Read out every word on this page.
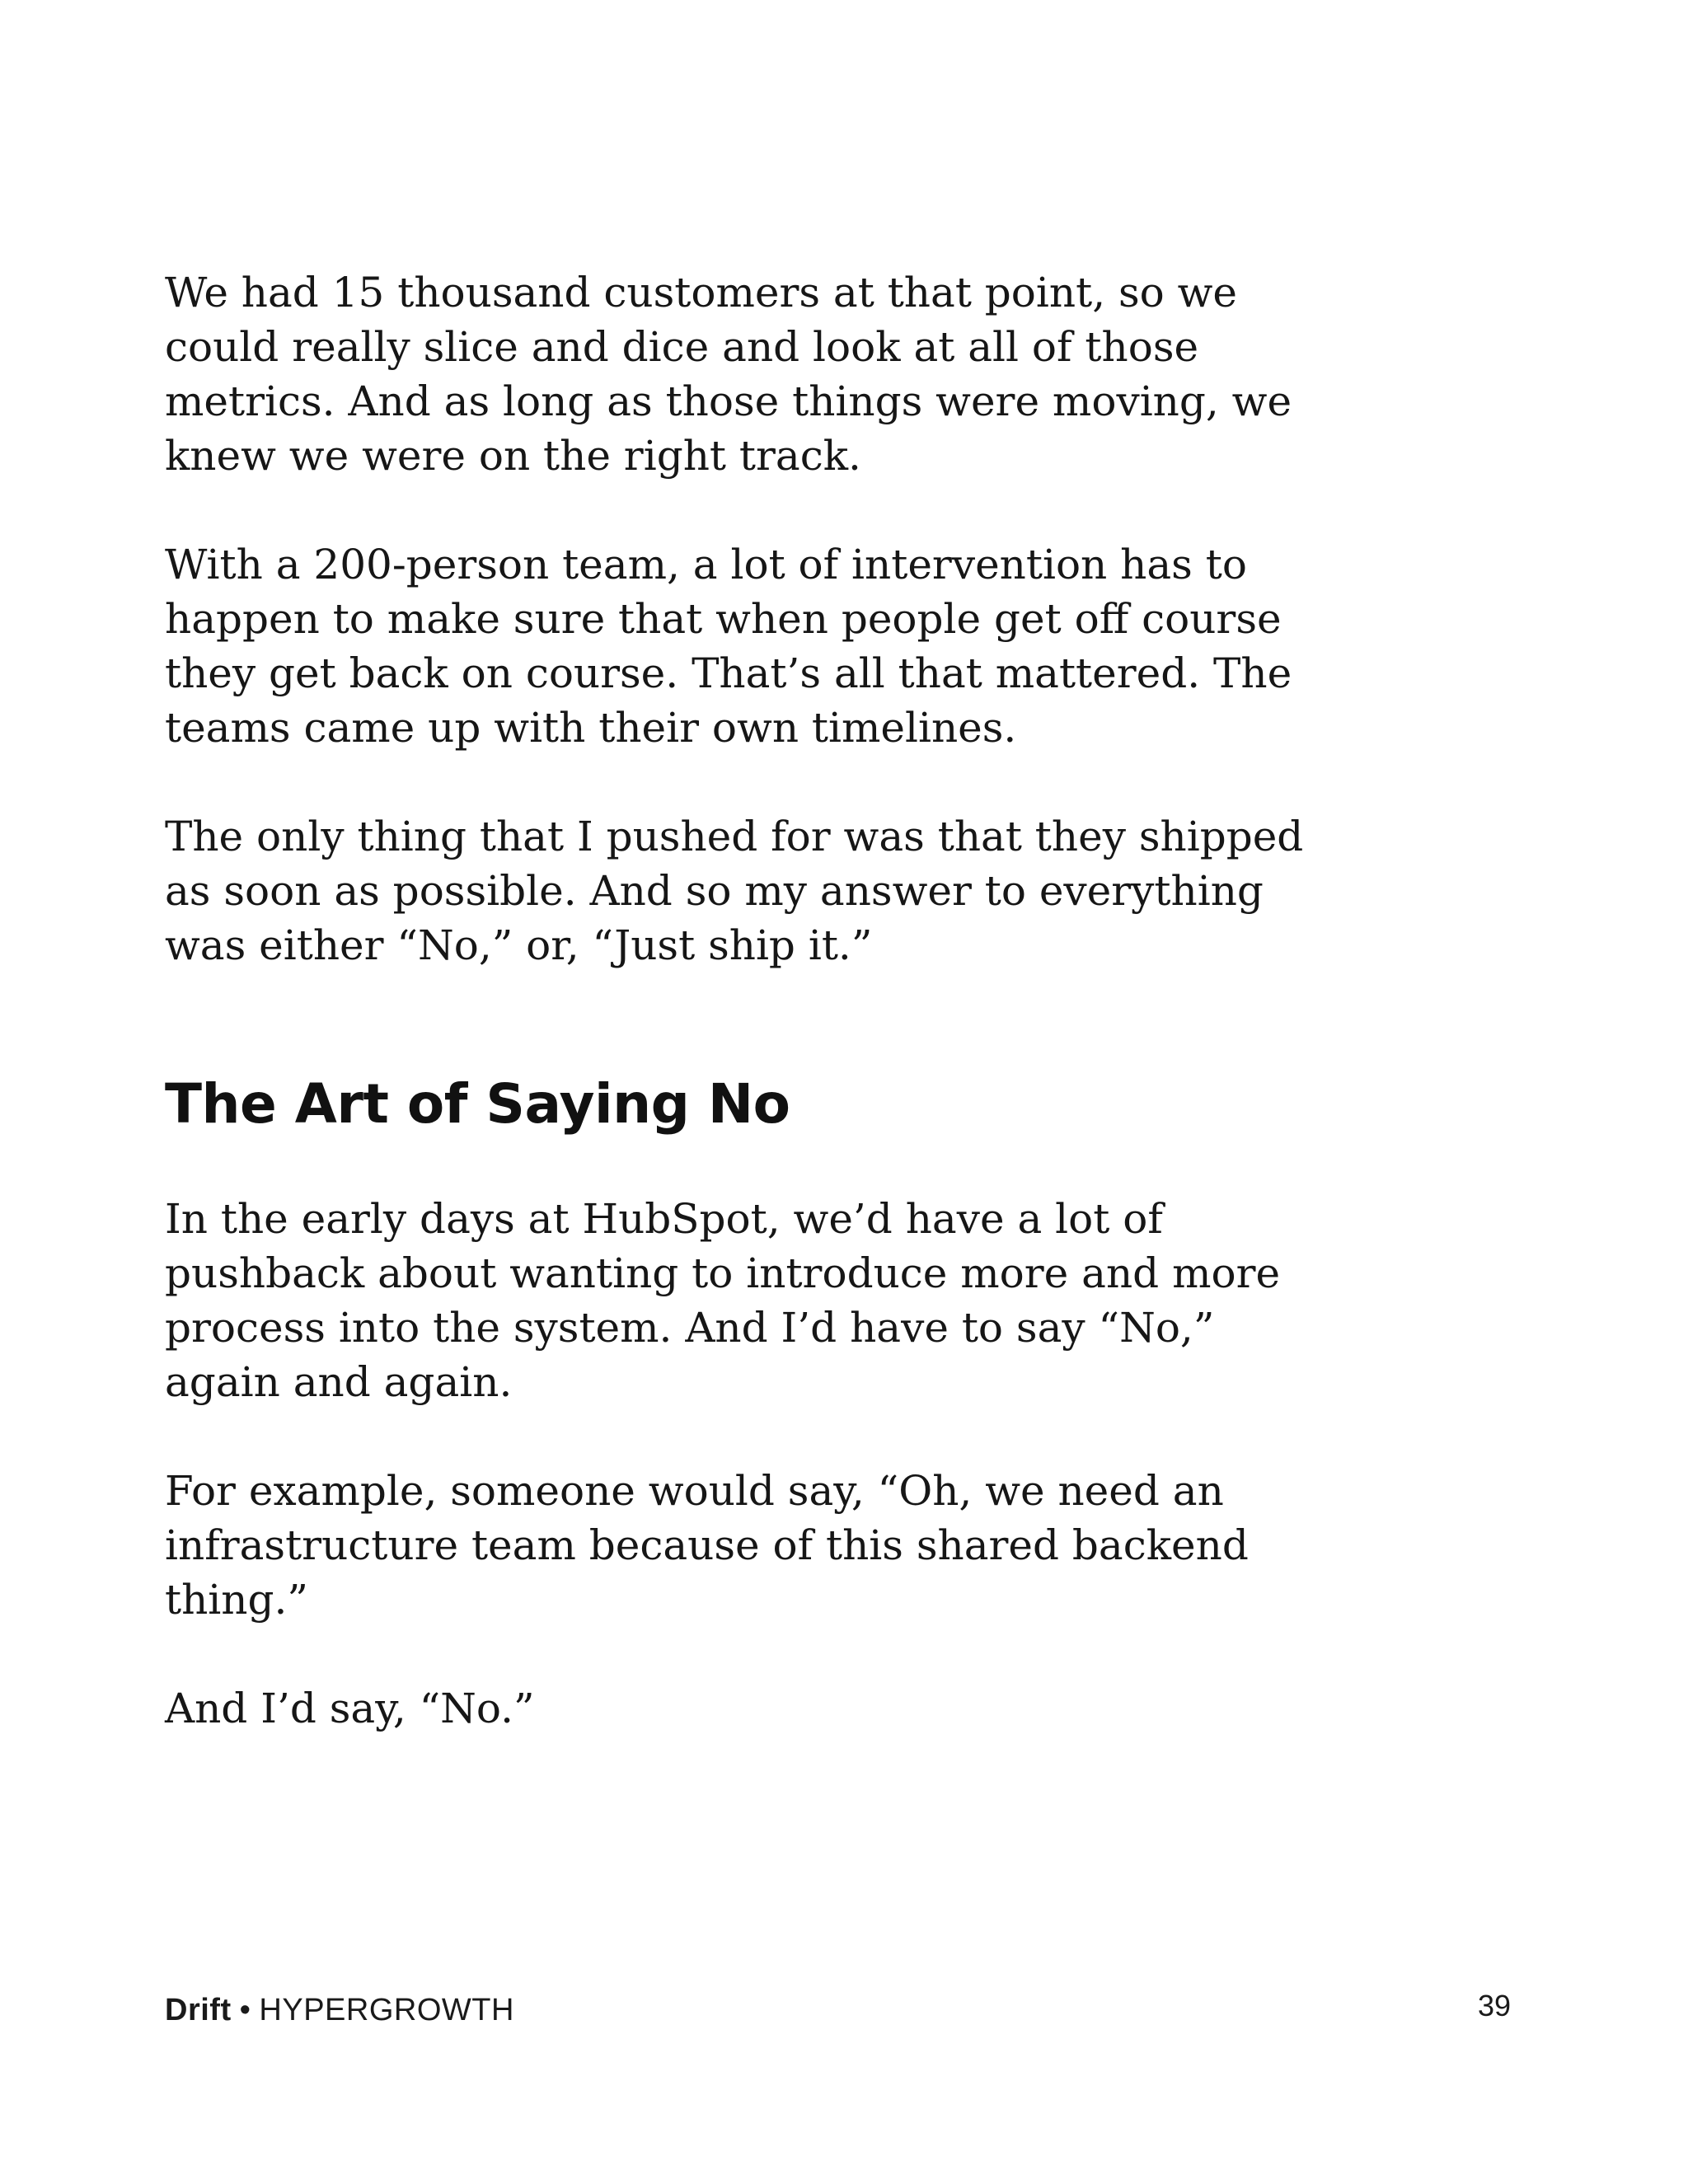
We had 15 thousand customers at that point, so we could really slice and dice and look at all of those metrics. And as long as those things were moving, we knew we were on the right track.

With a 200-person team, a lot of intervention has to happen to make sure that when people get off course they get back on course. That’s all that mattered. The teams came up with their own timelines.

The only thing that I pushed for was that they shipped as soon as possible. And so my answer to everything was either “No,” or, “Just ship it.”

The Art of Saying No

In the early days at HubSpot, we’d have a lot of pushback about wanting to introduce more and more process into the system. And I’d have to say “No,” again and again.

For example, someone would say, “Oh, we need an infrastructure team because of this shared backend thing.”

And I’d say, “No.”

Drift • HYPERGROWTH	39
